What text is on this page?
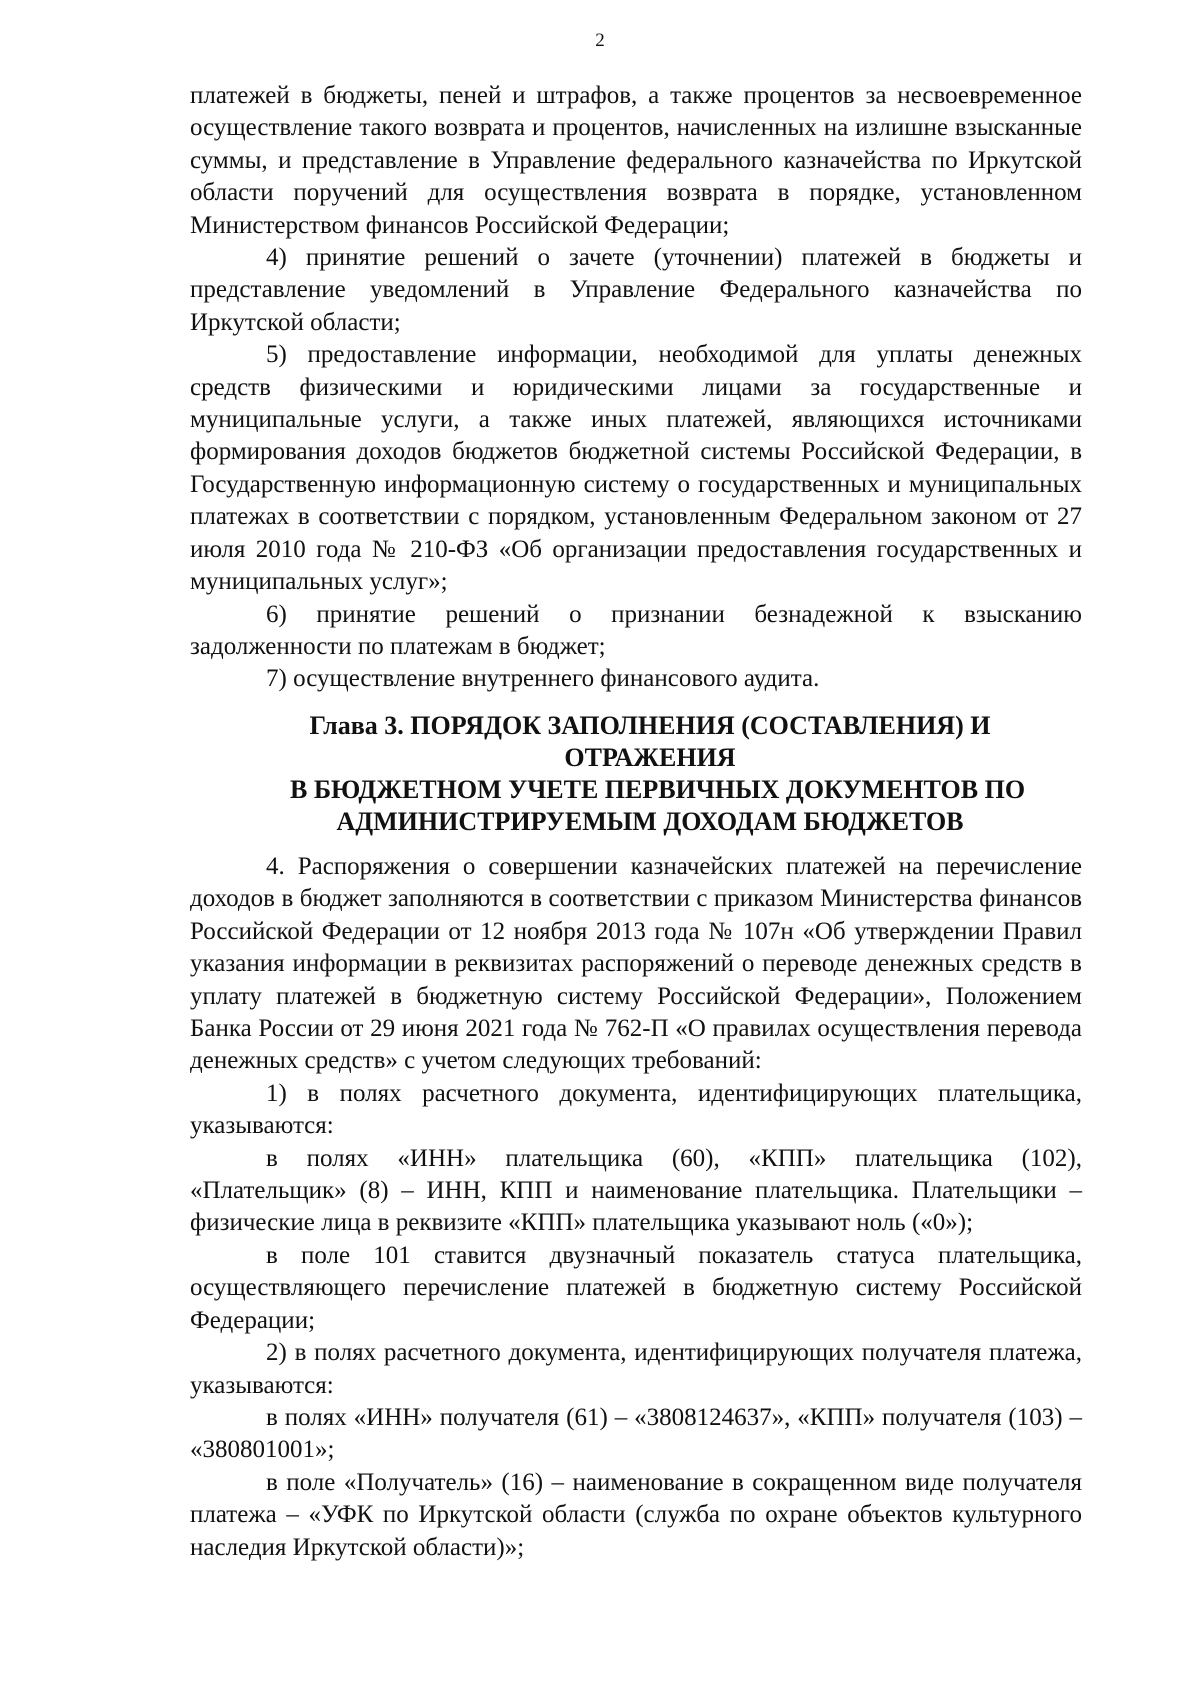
2

платежей в бюджеты, пеней и штрафов, а также процентов за несвоевременное осуществление такого возврата и процентов, начисленных на излишне взысканные суммы, и представление в Управление федерального казначейства по Иркутской области поручений для осуществления возврата в порядке, установленном Министерством финансов Российской Федерации;

4) принятие решений о зачете (уточнении) платежей в бюджеты и представление уведомлений в Управление Федерального казначейства по Иркутской области;

5) предоставление информации, необходимой для уплаты денежных средств физическими и юридическими лицами за государственные и муниципальные услуги, а также иных платежей, являющихся источниками формирования доходов бюджетов бюджетной системы Российской Федерации, в Государственную информационную систему о государственных и муниципальных платежах в соответствии с порядком, установленным Федеральном законом от 27 июля 2010 года № 210-ФЗ «Об организации предоставления государственных и муниципальных услуг»;

6) принятие решений о признании безнадежной к взысканию задолженности по платежам в бюджет;

7) осуществление внутреннего финансового аудита.

Глава 3. ПОРЯДОК ЗАПОЛНЕНИЯ (СОСТАВЛЕНИЯ) И
ОТРАЖЕНИЯ
В БЮДЖЕТНОМ УЧЕТЕ ПЕРВИЧНЫХ ДОКУМЕНТОВ ПО
АДМИНИСТРИРУЕМЫМ ДОХОДАМ БЮДЖЕТОВ

4. Распоряжения о совершении казначейских платежей на перечисление доходов в бюджет заполняются в соответствии с приказом Министерства финансов Российской Федерации от 12 ноября 2013 года № 107н «Об утверждении Правил указания информации в реквизитах распоряжений о переводе денежных средств в уплату платежей в бюджетную систему Российской Федерации», Положением Банка России от 29 июня 2021 года № 762-П «О правилах осуществления перевода денежных средств» с учетом следующих требований:

1) в полях расчетного документа, идентифицирующих плательщика, указываются:

в полях «ИНН» плательщика (60), «КПП» плательщика (102), «Плательщик» (8) – ИНН, КПП и наименование плательщика. Плательщики – физические лица в реквизите «КПП» плательщика указывают ноль («0»);

в поле 101 ставится двузначный показатель статуса плательщика, осуществляющего перечисление платежей в бюджетную систему Российской Федерации;

2) в полях расчетного документа, идентифицирующих получателя платежа, указываются:

в полях «ИНН» получателя (61) – «3808124637», «КПП» получателя (103) – «380801001»;

в поле «Получатель» (16) – наименование в сокращенном виде получателя платежа – «УФК по Иркутской области (служба по охране объектов культурного наследия Иркутской области)»;
